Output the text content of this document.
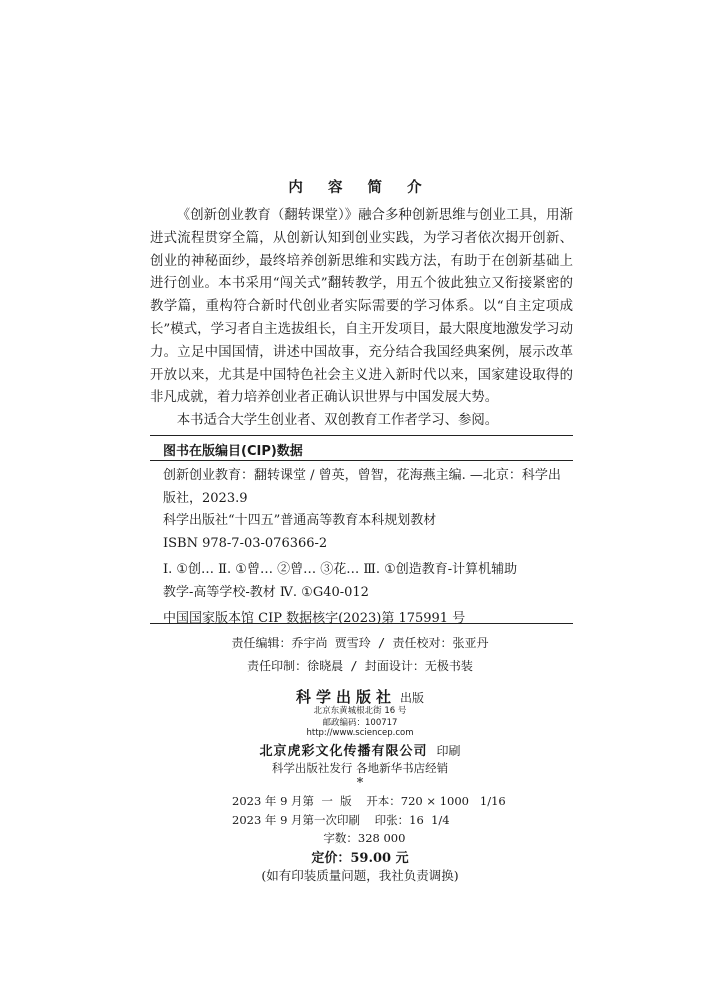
内 容 简 介

《创新创业教育（翻转课堂）》融合多种创新思维与创业工具，用渐进式流程贯穿全篇，从创新认知到创业实践，为学习者依次揭开创新、创业的神秘面纱，最终培养创新思维和实践方法，有助于在创新基础上进行创业。本书采用“闯关式”翻转教学，用五个彼此独立又衔接紧密的教学篇，重构符合新时代创业者实际需要的学习体系。以“自主定项成长”模式，学习者自主选拔组长，自主开发项目，最大限度地激发学习动力。立足中国国情，讲述中国故事，充分结合我国经典案例，展示改革开放以来，尤其是中国特色社会主义进入新时代以来，国家建设取得的非凡成就，着力培养创业者正确认识世界与中国发展大势。

本书适合大学生创业者、双创教育工作者学习、参阅。

图书在版编目(CIP)数据

创新创业教育：翻转课堂 / 曾英，曾智，花海燕主编. —北京：科学出

版社，2023.9

科学出版社“十四五”普通高等教育本科规划教材

ISBN 978-7-03-076366-2

Ⅰ. ①创… Ⅱ. ①曾… ②曾… ③花… Ⅲ. ①创造教育-计算机辅助

教学-高等学校-教材 Ⅳ. ①G40-012

中国国家版本馆 CIP 数据核字(2023)第 175991 号

责任编辑：乔宇尚 贾雪玲 / 责任校对：张亚丹
责任印制：徐晓晨 / 封面设计：无极书装
科学出版社 出版
北京东黄城根北街 16 号
邮政编码：100717
http://www.sciencep.com
北京虎彩文化传播有限公司 印刷
科学出版社发行 各地新华书店经销
*
2023 年 9 月第  一  版    开本：720 × 1000   1/16
2023 年 9 月第一次印刷    印张：16  1/4
字数：328 000
定价：59.00 元
(如有印装质量问题，我社负责调换)
